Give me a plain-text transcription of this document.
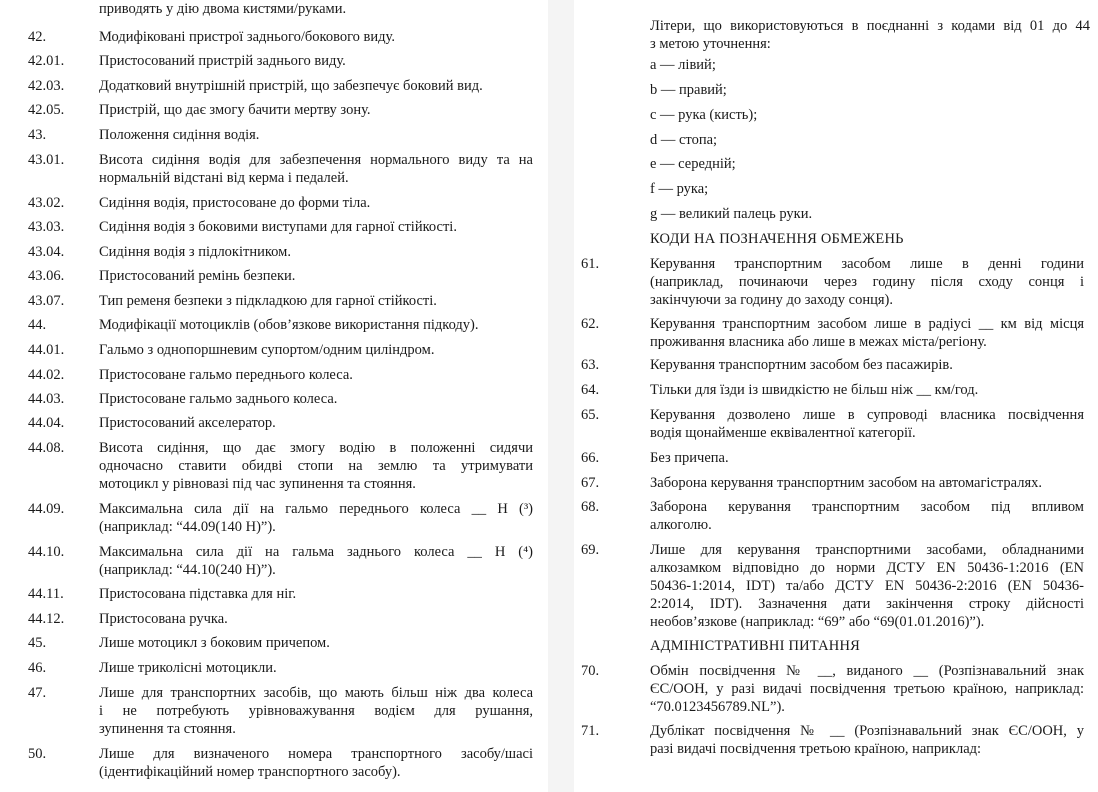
приводять у дію двома кистями/руками.
42.	Модифіковані пристрої заднього/бокового виду.
42.01.	Пристосований пристрій заднього виду.
42.03.	Додатковий внутрішній пристрій, що забезпечує боковий вид.
42.05.	Пристрій, що дає змогу бачити мертву зону.
43.	Положення сидіння водія.
43.01.	Висота сидіння водія для забезпечення нормального виду та на
нормальній відстані від керма і педалей.
43.02.	Сидіння водія, пристосоване до форми тіла.
43.03.	Сидіння водія з боковими виступами для гарної стійкості.
43.04.	Сидіння водія з підлокітником.
43.06.	Пристосований ремінь безпеки.
43.07.	Тип ременя безпеки з підкладкою для гарної стійкості.
44.	Модифікації мотоциклів (обов’язкове використання підкоду).
44.01.	Гальмо з однопоршневим супортом/одним циліндром.
44.02.	Пристосоване гальмо переднього колеса.
44.03.	Пристосоване гальмо заднього колеса.
44.04.	Пристосований акселератор.
44.08.	Висота сидіння, що дає змогу водію в положенні сидячи
одночасно ставити обидві стопи на землю та утримувати
мотоцикл у рівновазі під час зупинення та стояння.
44.09.	Максимальна сила дії на гальмо переднього колеса __ Н (³)
(наприклад: “44.09(140 Н)”).
44.10.	Максимальна сила дії на гальма заднього колеса __ Н (⁴)
(наприклад: “44.10(240 Н)”).
44.11.	Пристосована підставка для ніг.
44.12.	Пристосована ручка.
45.	Лише мотоцикл з боковим причепом.
46.	Лише триколісні мотоцикли.
47.	Лише для транспортних засобів, що мають більш ніж два колеса
і не потребують урівноважування водієм для рушання,
зупинення та стояння.
50.	Лише для визначеного номера транспортного засобу/шасі
(ідентифікаційний номер транспортного засобу).
Літери, що використовуються в поєднанні з кодами від 01 до 44
з метою уточнення:
a — лівий;
b — правий;
c — рука (кисть);
d — стопа;
e — середній;
f — рука;
g — великий палець руки.
КОДИ НА ПОЗНАЧЕННЯ ОБМЕЖЕНЬ
61.	Керування транспортним засобом лише в денні години
(наприклад, починаючи через годину після сходу сонця і
закінчуючи за годину до заходу сонця).
62.	Керування транспортним засобом лише в радіусі __ км від місця
проживання власника або лише в межах міста/регіону.
63.	Керування транспортним засобом без пасажирів.
64.	Тільки для їзди із швидкістю не більш ніж __ км/год.
65.	Керування дозволено лише в супроводі власника посвідчення
водія щонайменше еквівалентної категорії.
66.	Без причепа.
67.	Заборона керування транспортним засобом на автомагістралях.
68.	Заборона керування транспортним засобом під впливом
алкоголю.
69.	Лише для керування транспортними засобами, обладнаними
алкозамком відповідно до норми ДСТУ EN 50436-1:2016 (EN
50436-1:2014, IDT) та/або ДСТУ EN 50436-2:2016 (EN 50436-
2:2014, IDT). Зазначення дати закінчення строку дійсності
необов’язкове (наприклад: “69” або “69(01.01.2016)”).
АДМІНІСТРАТИВНІ ПИТАННЯ
70.	Обмін посвідчення № __, виданого __ (Розпізнавальний знак
ЄС/ООН, у разі видачі посвідчення третьою країною, наприклад:
“70.0123456789.NL”).
71.	Дублікат посвідчення № __ (Розпізнавальний знак ЄС/ООН, у
разі видачі посвідчення третьою країною, наприклад:
